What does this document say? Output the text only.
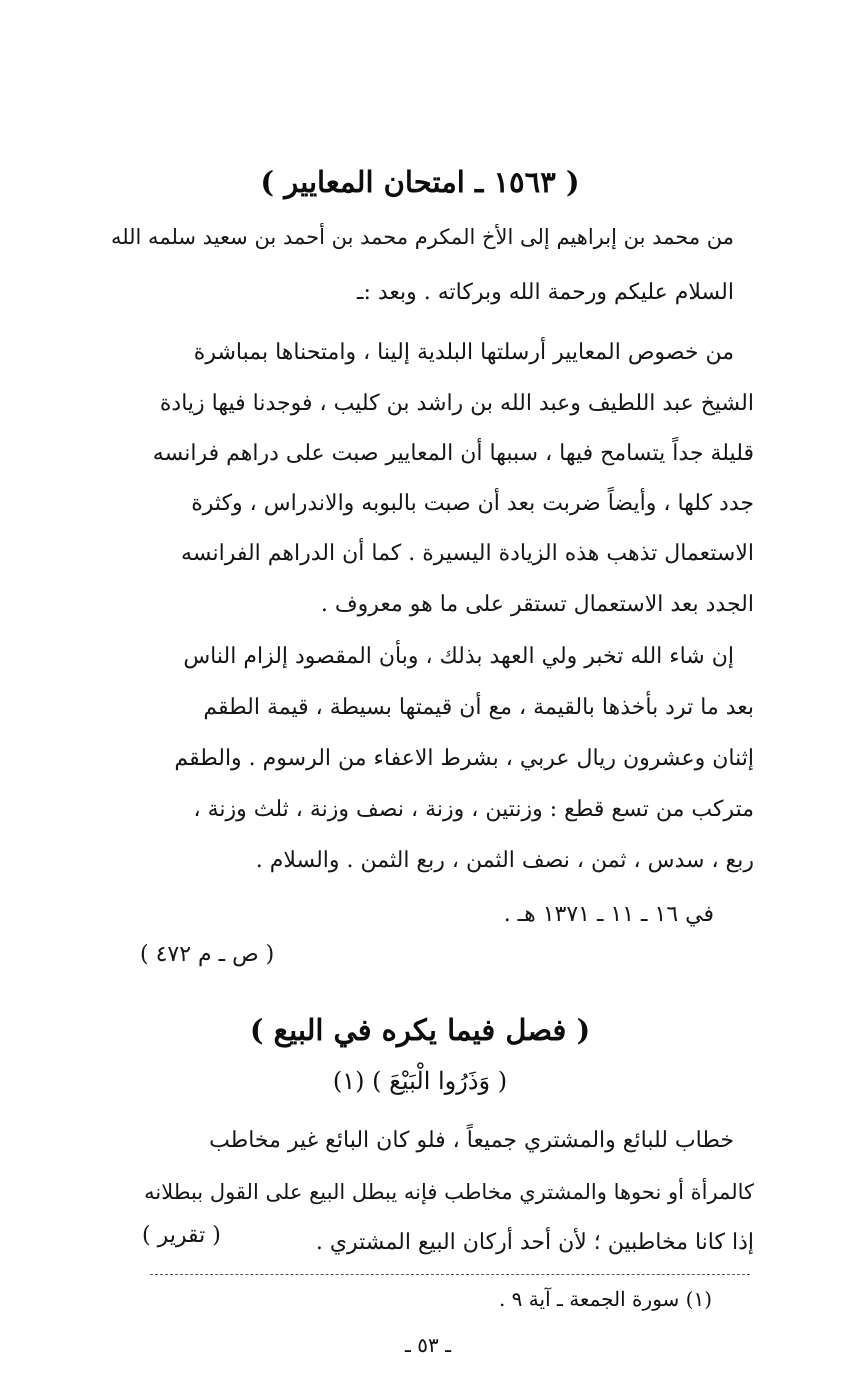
( ١٥٦٣ ـ امتحان المعايير )
من محمد بن إبراهيم إلى الأخ المكرم محمد بن أحمد بن سعيد سلمه الله
السلام عليكم ورحمة الله وبركاته . وبعد :ـ
من خصوص المعايير أرسلتها البلدية إلينا ، وامتحناها بمباشرة
الشيخ عبد اللطيف وعبد الله بن راشد بن كليب ، فوجدنا فيها زيادة
قليلة جداً يتسامح فيها ، سببها أن المعايير صبت على دراهم فرانسه
جدد كلها ، وأيضاً ضربت بعد أن صبت بالبوبه والاندراس ، وكثرة
الاستعمال تذهب هذه الزيادة اليسيرة . كما أن الدراهم الفرانسه
الجدد بعد الاستعمال تستقر على ما هو معروف .
إن شاء الله تخبر ولي العهد بذلك ، وبأن المقصود إلزام الناس
بعد ما ترد بأخذها بالقيمة ، مع أن قيمتها بسيطة ، قيمة الطقم
إثنان وعشرون ريال عربي ، بشرط الاعفاء من الرسوم . والطقم
متركب من تسع قطع : وزنتين ، وزنة ، نصف وزنة ، ثلث وزنة ،
ربع ، سدس ، ثمن ، نصف الثمن ، ربع الثمن . والسلام .
في ١٦ ـ ١١ ـ ١٣٧١ هـ .
( ص ـ م ٤٧٢ )
( فصل فيما يكره في البيع )
( وَذَرُوا الْبَيْعَ ) (١)
خطاب للبائع والمشتري جميعاً ، فلو كان البائع غير مخاطب
كالمرأة أو نحوها والمشتري مخاطب فإنه يبطل البيع على القول ببطلانه
إذا كانا مخاطبين ؛ لأن أحد أركان البيع المشتري .
( تقرير )
(١) سورة الجمعة ـ آية ٩ .
ـ ٥٣ ـ
